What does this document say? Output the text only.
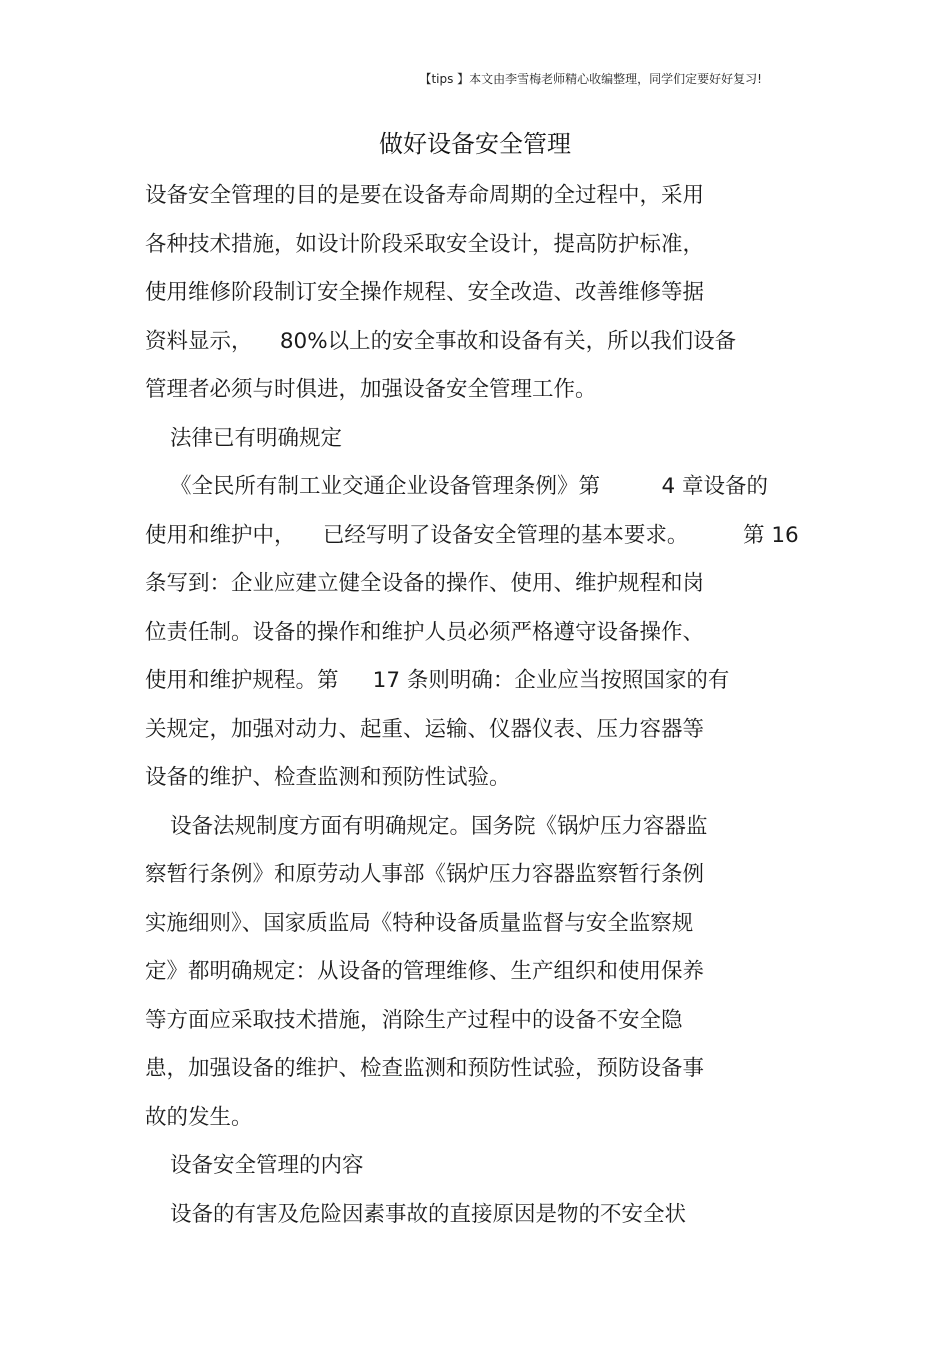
【tips 】本文由李雪梅老师精心收编整理，同学们定要好好复习!
做好设备安全管理
设备安全管理的目的是要在设备寿命周期的全过程中，采用
各种技术措施，如设计阶段采取安全设计，提高防护标准，
使用维修阶段制订安全操作规程、安全改造、改善维修等据
资料显示，    80%以上的安全事故和设备有关，所以我们设备
管理者必须与时俱进，加强设备安全管理工作。
法律已有明确规定
《全民所有制工业交通企业设备管理条例》第         4 章设备的
使用和维护中，    已经写明了设备安全管理的基本要求。        第 16
条写到：企业应建立健全设备的操作、使用、维护规程和岗
位责任制。设备的操作和维护人员必须严格遵守设备操作、
使用和维护规程。第     17 条则明确：企业应当按照国家的有
关规定，加强对动力、起重、运输、仪器仪表、压力容器等
设备的维护、检查监测和预防性试验。
设备法规制度方面有明确规定。国务院《锅炉压力容器监
察暂行条例》和原劳动人事部《锅炉压力容器监察暂行条例
实施细则》、国家质监局《特种设备质量监督与安全监察规
定》都明确规定：从设备的管理维修、生产组织和使用保养
等方面应采取技术措施，消除生产过程中的设备不安全隐
患，加强设备的维护、检查监测和预防性试验，预防设备事
故的发生。
设备安全管理的内容
设备的有害及危险因素事故的直接原因是物的不安全状
